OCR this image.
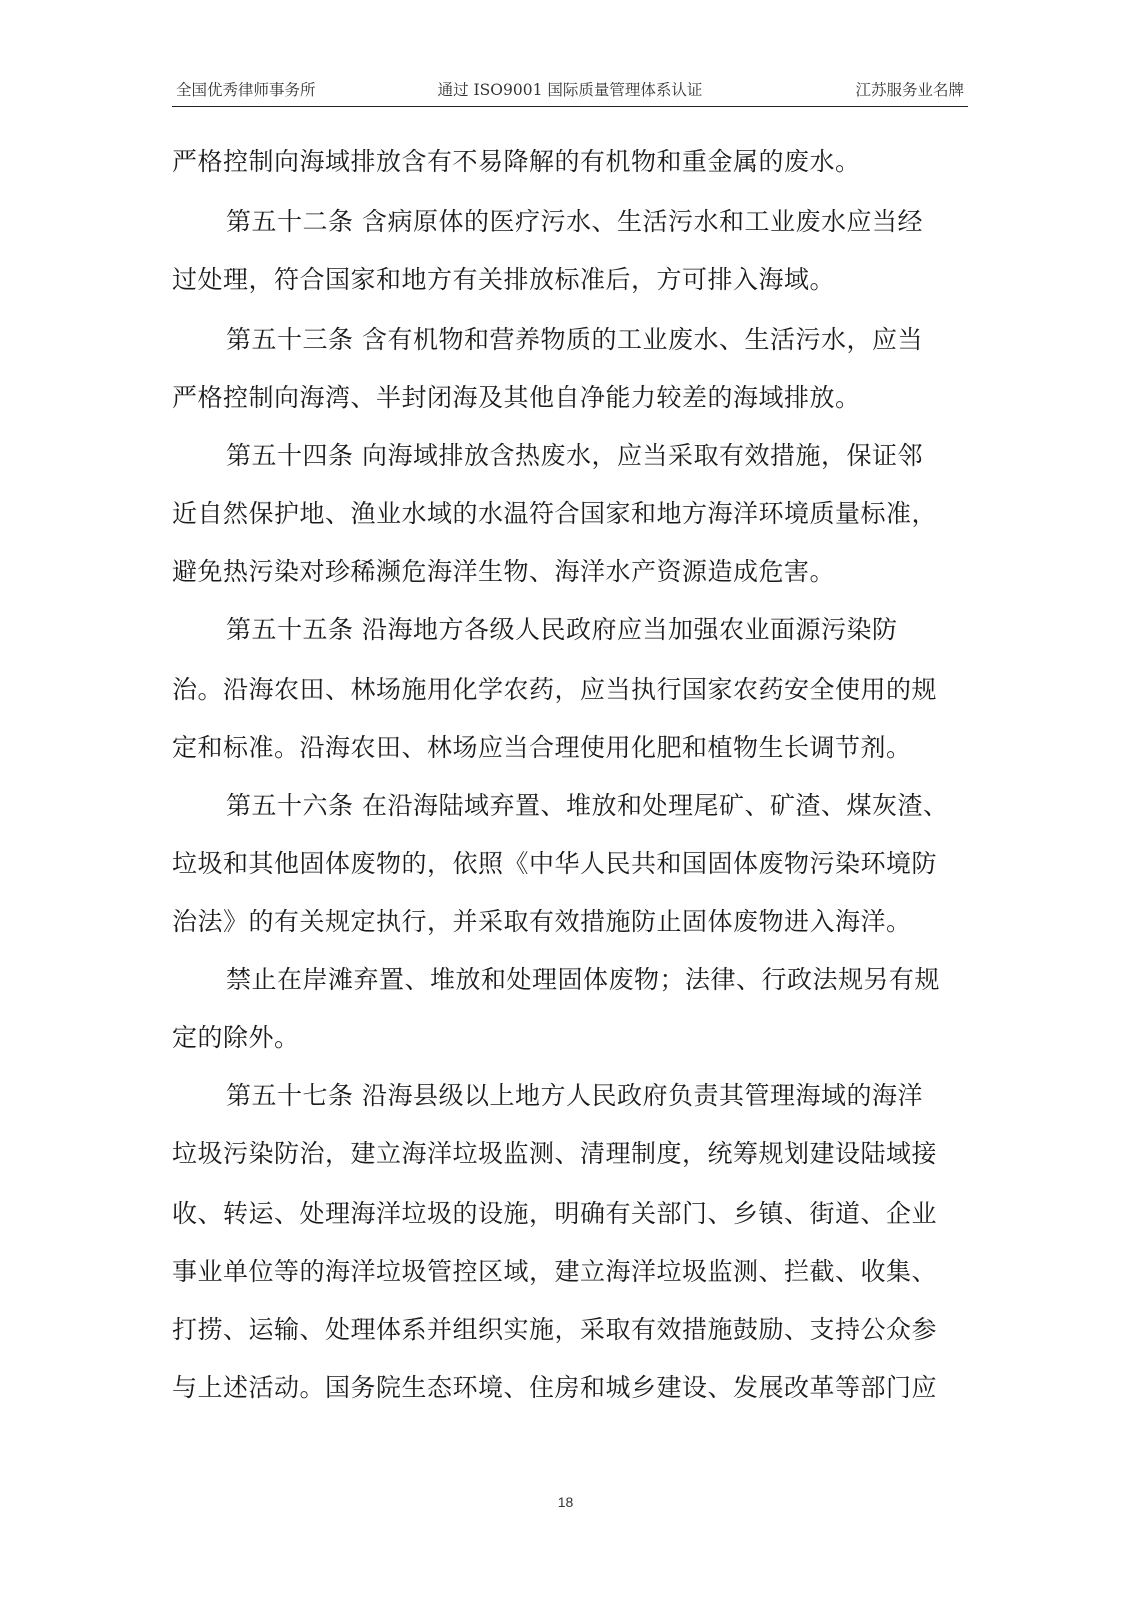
全国优秀律师事务所	通过 ISO9001 国际质量管理体系认证	江苏服务业名牌
严格控制向海域排放含有不易降解的有机物和重金属的废水。
第五十二条 含病原体的医疗污水、生活污水和工业废水应当经
过处理，符合国家和地方有关排放标准后，方可排入海域。
第五十三条 含有机物和营养物质的工业废水、生活污水，应当
严格控制向海湾、半封闭海及其他自净能力较差的海域排放。
第五十四条 向海域排放含热废水，应当采取有效措施，保证邻
近自然保护地、渔业水域的水温符合国家和地方海洋环境质量标准，
避免热污染对珍稀濒危海洋生物、海洋水产资源造成危害。
第五十五条 沿海地方各级人民政府应当加强农业面源污染防
治。沿海农田、林场施用化学农药，应当执行国家农药安全使用的规
定和标准。沿海农田、林场应当合理使用化肥和植物生长调节剂。
第五十六条 在沿海陆域弃置、堆放和处理尾矿、矿渣、煤灰渣、
垃圾和其他固体废物的，依照《中华人民共和国固体废物污染环境防
治法》的有关规定执行，并采取有效措施防止固体废物进入海洋。
禁止在岸滩弃置、堆放和处理固体废物；法律、行政法规另有规
定的除外。
第五十七条 沿海县级以上地方人民政府负责其管理海域的海洋
垃圾污染防治，建立海洋垃圾监测、清理制度，统筹规划建设陆域接
收、转运、处理海洋垃圾的设施，明确有关部门、乡镇、街道、企业
事业单位等的海洋垃圾管控区域，建立海洋垃圾监测、拦截、收集、
打捞、运输、处理体系并组织实施，采取有效措施鼓励、支持公众参
与上述活动。国务院生态环境、住房和城乡建设、发展改革等部门应
18
